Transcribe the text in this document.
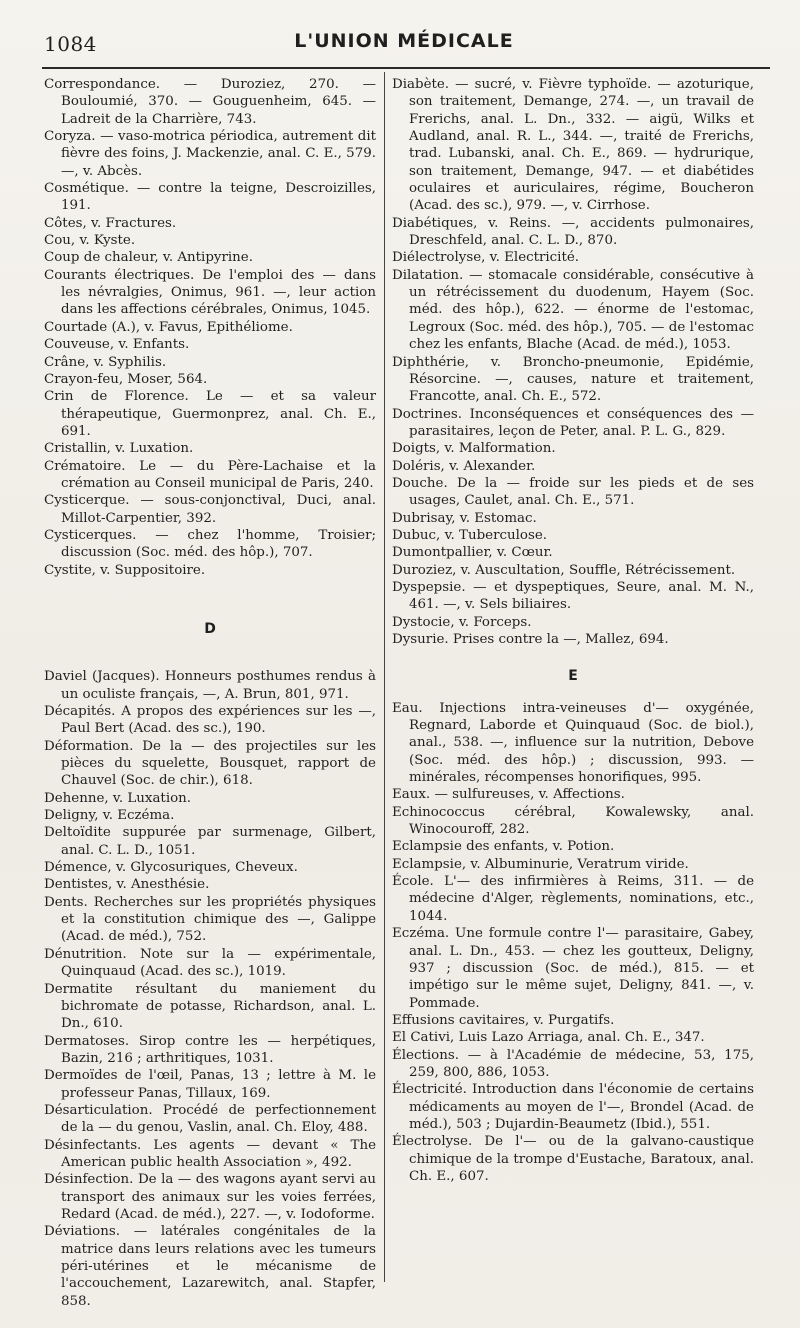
1084	L'UNION MÉDICALE

Correspondance. — Duroziez, 270. — Bouloumié, 370. — Gouguenheim, 645. — Ladreit de la Charrière, 743.

Coryza. — vaso-motrica périodica, autrement dit fièvre des foins, J. Mackenzie, anal. C. E., 579. —, v. Abcès.

Cosmétique. — contre la teigne, Descroizilles, 191.

Côtes, v. Fractures.

Cou, v. Kyste.

Coup de chaleur, v. Antipyrine.

Courants électriques. De l'emploi des — dans les névralgies, Onimus, 961. —, leur action dans les affections cérébrales, Onimus, 1045.

Courtade (A.), v. Favus, Epithéliome.

Couveuse, v. Enfants.

Crâne, v. Syphilis.

Crayon-feu, Moser, 564.

Crin de Florence. Le — et sa valeur thérapeutique, Guermonprez, anal. Ch. E., 691.

Cristallin, v. Luxation.

Crématoire. Le — du Père-Lachaise et la crémation au Conseil municipal de Paris, 240.

Cysticerque. — sous-conjonctival, Duci, anal. Millot-Carpentier, 392.

Cysticerques. — chez l'homme, Troisier; discussion (Soc. méd. des hôp.), 707.

Cystite, v. Suppositoire.

D

Daviel (Jacques). Honneurs posthumes rendus à un oculiste français, —, A. Brun, 801, 971.

Décapités. A propos des expériences sur les —, Paul Bert (Acad. des sc.), 190.

Déformation. De la — des projectiles sur les pièces du squelette, Bousquet, rapport de Chauvel (Soc. de chir.), 618.

Dehenne, v. Luxation.

Deligny, v. Eczéma.

Deltoïdite suppurée par surmenage, Gilbert, anal. C. L. D., 1051.

Démence, v. Glycosuriques, Cheveux.

Dentistes, v. Anesthésie.

Dents. Recherches sur les propriétés physiques et la constitution chimique des —, Galippe (Acad. de méd.), 752.

Dénutrition. Note sur la — expérimentale, Quinquaud (Acad. des sc.), 1019.

Dermatite résultant du maniement du bichromate de potasse, Richardson, anal. L. Dn., 610.

Dermatoses. Sirop contre les — herpétiques, Bazin, 216 ; arthritiques, 1031.

Dermoïdes de l'œil, Panas, 13 ; lettre à M. le professeur Panas, Tillaux, 169.

Désarticulation. Procédé de perfectionnement de la — du genou, Vaslin, anal. Ch. Eloy, 488.

Désinfectants. Les agents — devant « The American public health Association », 492.

Désinfection. De la — des wagons ayant servi au transport des animaux sur les voies ferrées, Redard (Acad. de méd.), 227. —, v. Iodoforme.

Déviations. — latérales congénitales de la matrice dans leurs relations avec les tumeurs péri-utérines et le mécanisme de l'accouchement, Lazarewitch, anal. Stapfer, 858.

Diabète. — sucré, v. Fièvre typhoïde. — azoturique, son traitement, Demange, 274. —, un travail de Frerichs, anal. L. Dn., 332. — aigü, Wilks et Audland, anal. R. L., 344. —, traité de Frerichs, trad. Lubanski, anal. Ch. E., 869. — hydrurique, son traitement, Demange, 947. — et diabétides oculaires et auriculaires, régime, Boucheron (Acad. des sc.), 979. —, v. Cirrhose.

Diabétiques, v. Reins. —, accidents pulmonaires, Dreschfeld, anal. C. L. D., 870.

Diélectrolyse, v. Electricité.

Dilatation. — stomacale considérable, consécutive à un rétrécissement du duodenum, Hayem (Soc. méd. des hôp.), 622. — énorme de l'estomac, Legroux (Soc. méd. des hôp.), 705. — de l'estomac chez les enfants, Blache (Acad. de méd.), 1053.

Diphthérie, v. Broncho-pneumonie, Epidémie, Résorcine. —, causes, nature et traitement, Francotte, anal. Ch. E., 572.

Doctrines. Inconséquences et conséquences des — parasitaires, leçon de Peter, anal. P. L. G., 829.

Doigts, v. Malformation.

Doléris, v. Alexander.

Douche. De la — froide sur les pieds et de ses usages, Caulet, anal. Ch. E., 571.

Dubrisay, v. Estomac.

Dubuc, v. Tuberculose.

Dumontpallier, v. Cœur.

Duroziez, v. Auscultation, Souffle, Rétrécissement.

Dyspepsie. — et dyspeptiques, Seure, anal. M. N., 461. —, v. Sels biliaires.

Dystocie, v. Forceps.

Dysurie. Prises contre la —, Mallez, 694.

E

Eau. Injections intra-veineuses d'— oxygénée, Regnard, Laborde et Quinquaud (Soc. de biol.), anal., 538. —, influence sur la nutrition, Debove (Soc. méd. des hôp.) ; discussion, 993. — minérales, récompenses honorifiques, 995.

Eaux. — sulfureuses, v. Affections.

Echinococcus cérébral, Kowalewsky, anal. Winocouroff, 282.

Eclampsie des enfants, v. Potion.

Eclampsie, v. Albuminurie, Veratrum viride.

École. L'— des infirmières à Reims, 311. — de médecine d'Alger, règlements, nominations, etc., 1044.

Eczéma. Une formule contre l'— parasitaire, Gabey, anal. L. Dn., 453. — chez les goutteux, Deligny, 937 ; discussion (Soc. de méd.), 815. — et impétigo sur le même sujet, Deligny, 841. —, v. Pommade.

Effusions cavitaires, v. Purgatifs.

El Cativi, Luis Lazo Arriaga, anal. Ch. E., 347.

Élections. — à l'Académie de médecine, 53, 175, 259, 800, 886, 1053.

Électricité. Introduction dans l'économie de certains médicaments au moyen de l'—, Brondel (Acad. de méd.), 503 ; Dujardin-Beaumetz (Ibid.), 551.

Électrolyse. De l'— ou de la galvano-caustique chimique de la trompe d'Eustache, Baratoux, anal. Ch. E., 607.
